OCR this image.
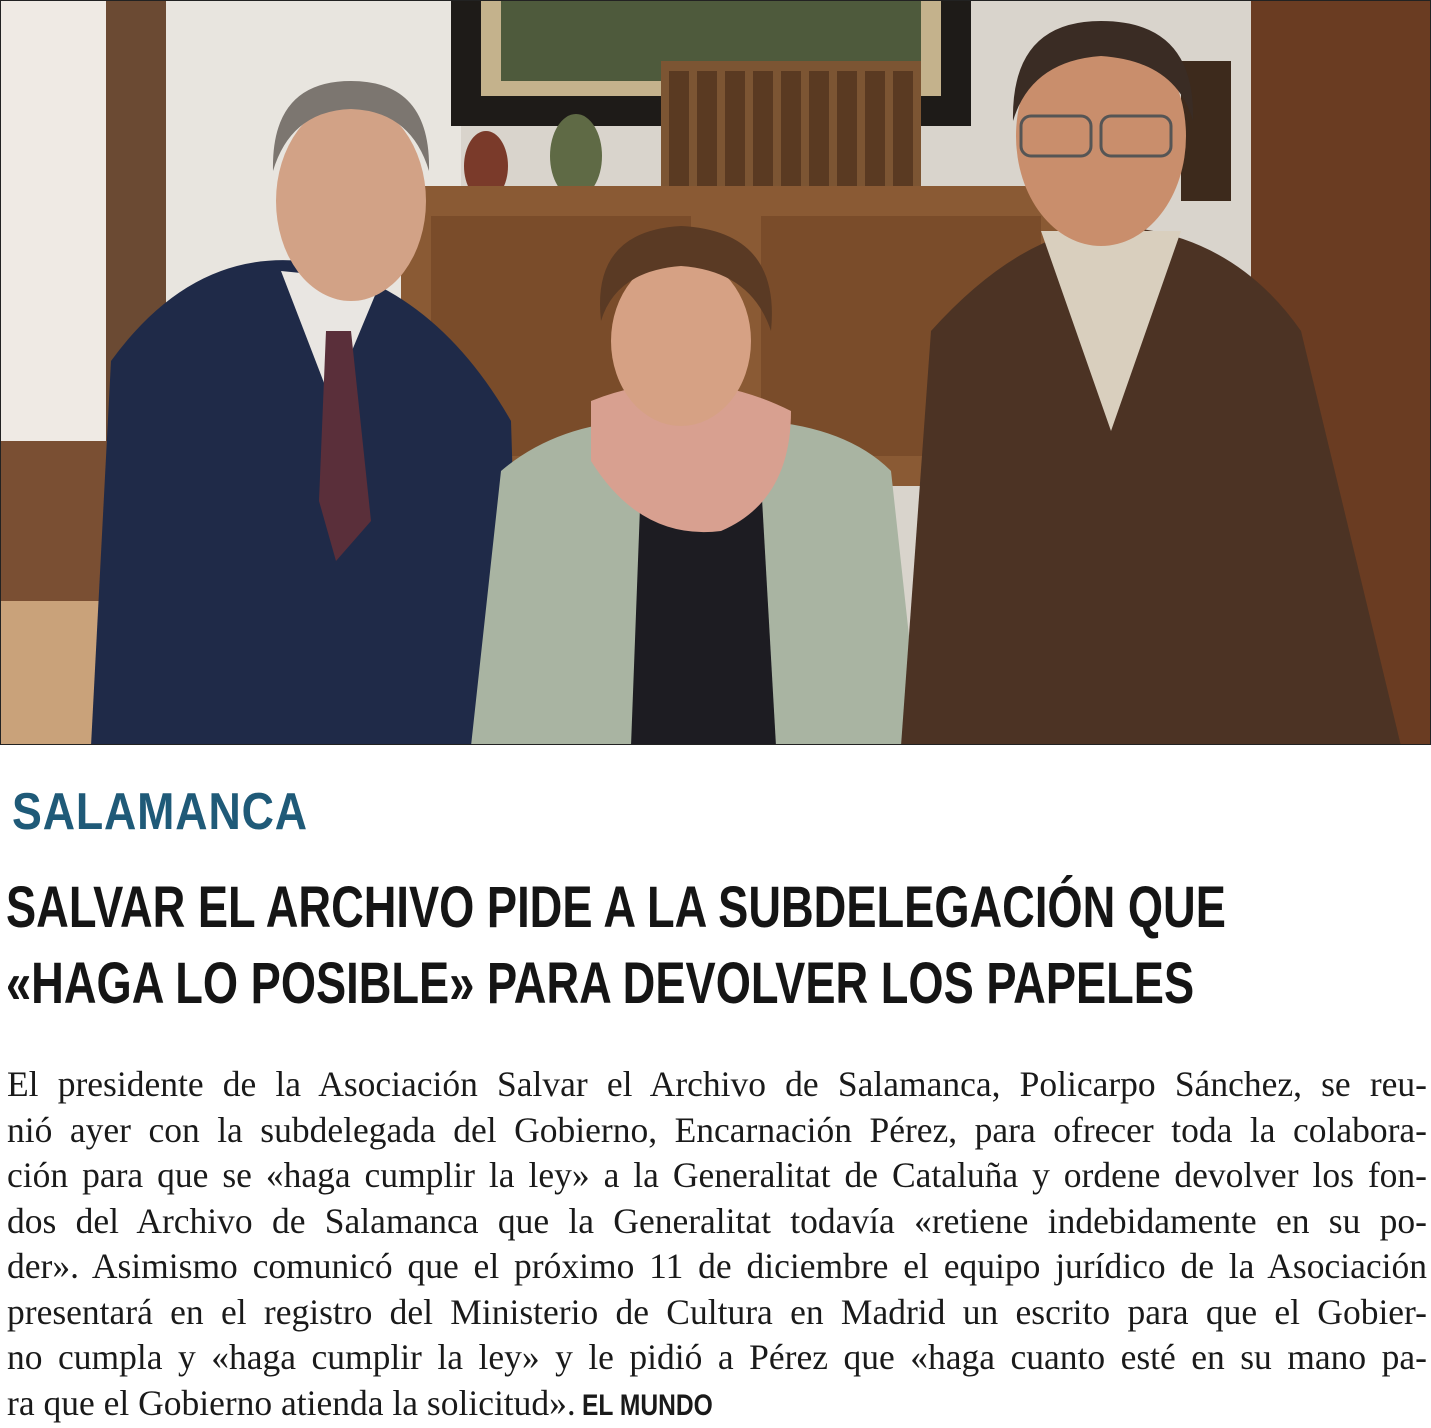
SALAMANCA
SALVAR EL ARCHIVO PIDE A LA SUBDELEGACIÓN QUE
«HAGA LO POSIBLE» PARA DEVOLVER LOS PAPELES
El presidente de la Asociación Salvar el Archivo de Salamanca, Policarpo Sánchez, se reu-
nió ayer con la subdelegada del Gobierno, Encarnación Pérez, para ofrecer toda la colabora-
ción para que se «haga cumplir la ley» a la Generalitat de Cataluña y ordene devolver los fon-
dos del Archivo de Salamanca que la Generalitat todavía «retiene indebidamente en su po-
der». Asimismo comunicó que el próximo 11 de diciembre el equipo jurídico de la Asociación
presentará en el registro del Ministerio de Cultura en Madrid un escrito para que el Gobier-
no cumpla y «haga cumplir la ley» y le pidió a Pérez que «haga cuanto esté en su mano pa-
ra que el Gobierno atienda la solicitud». EL MUNDO
